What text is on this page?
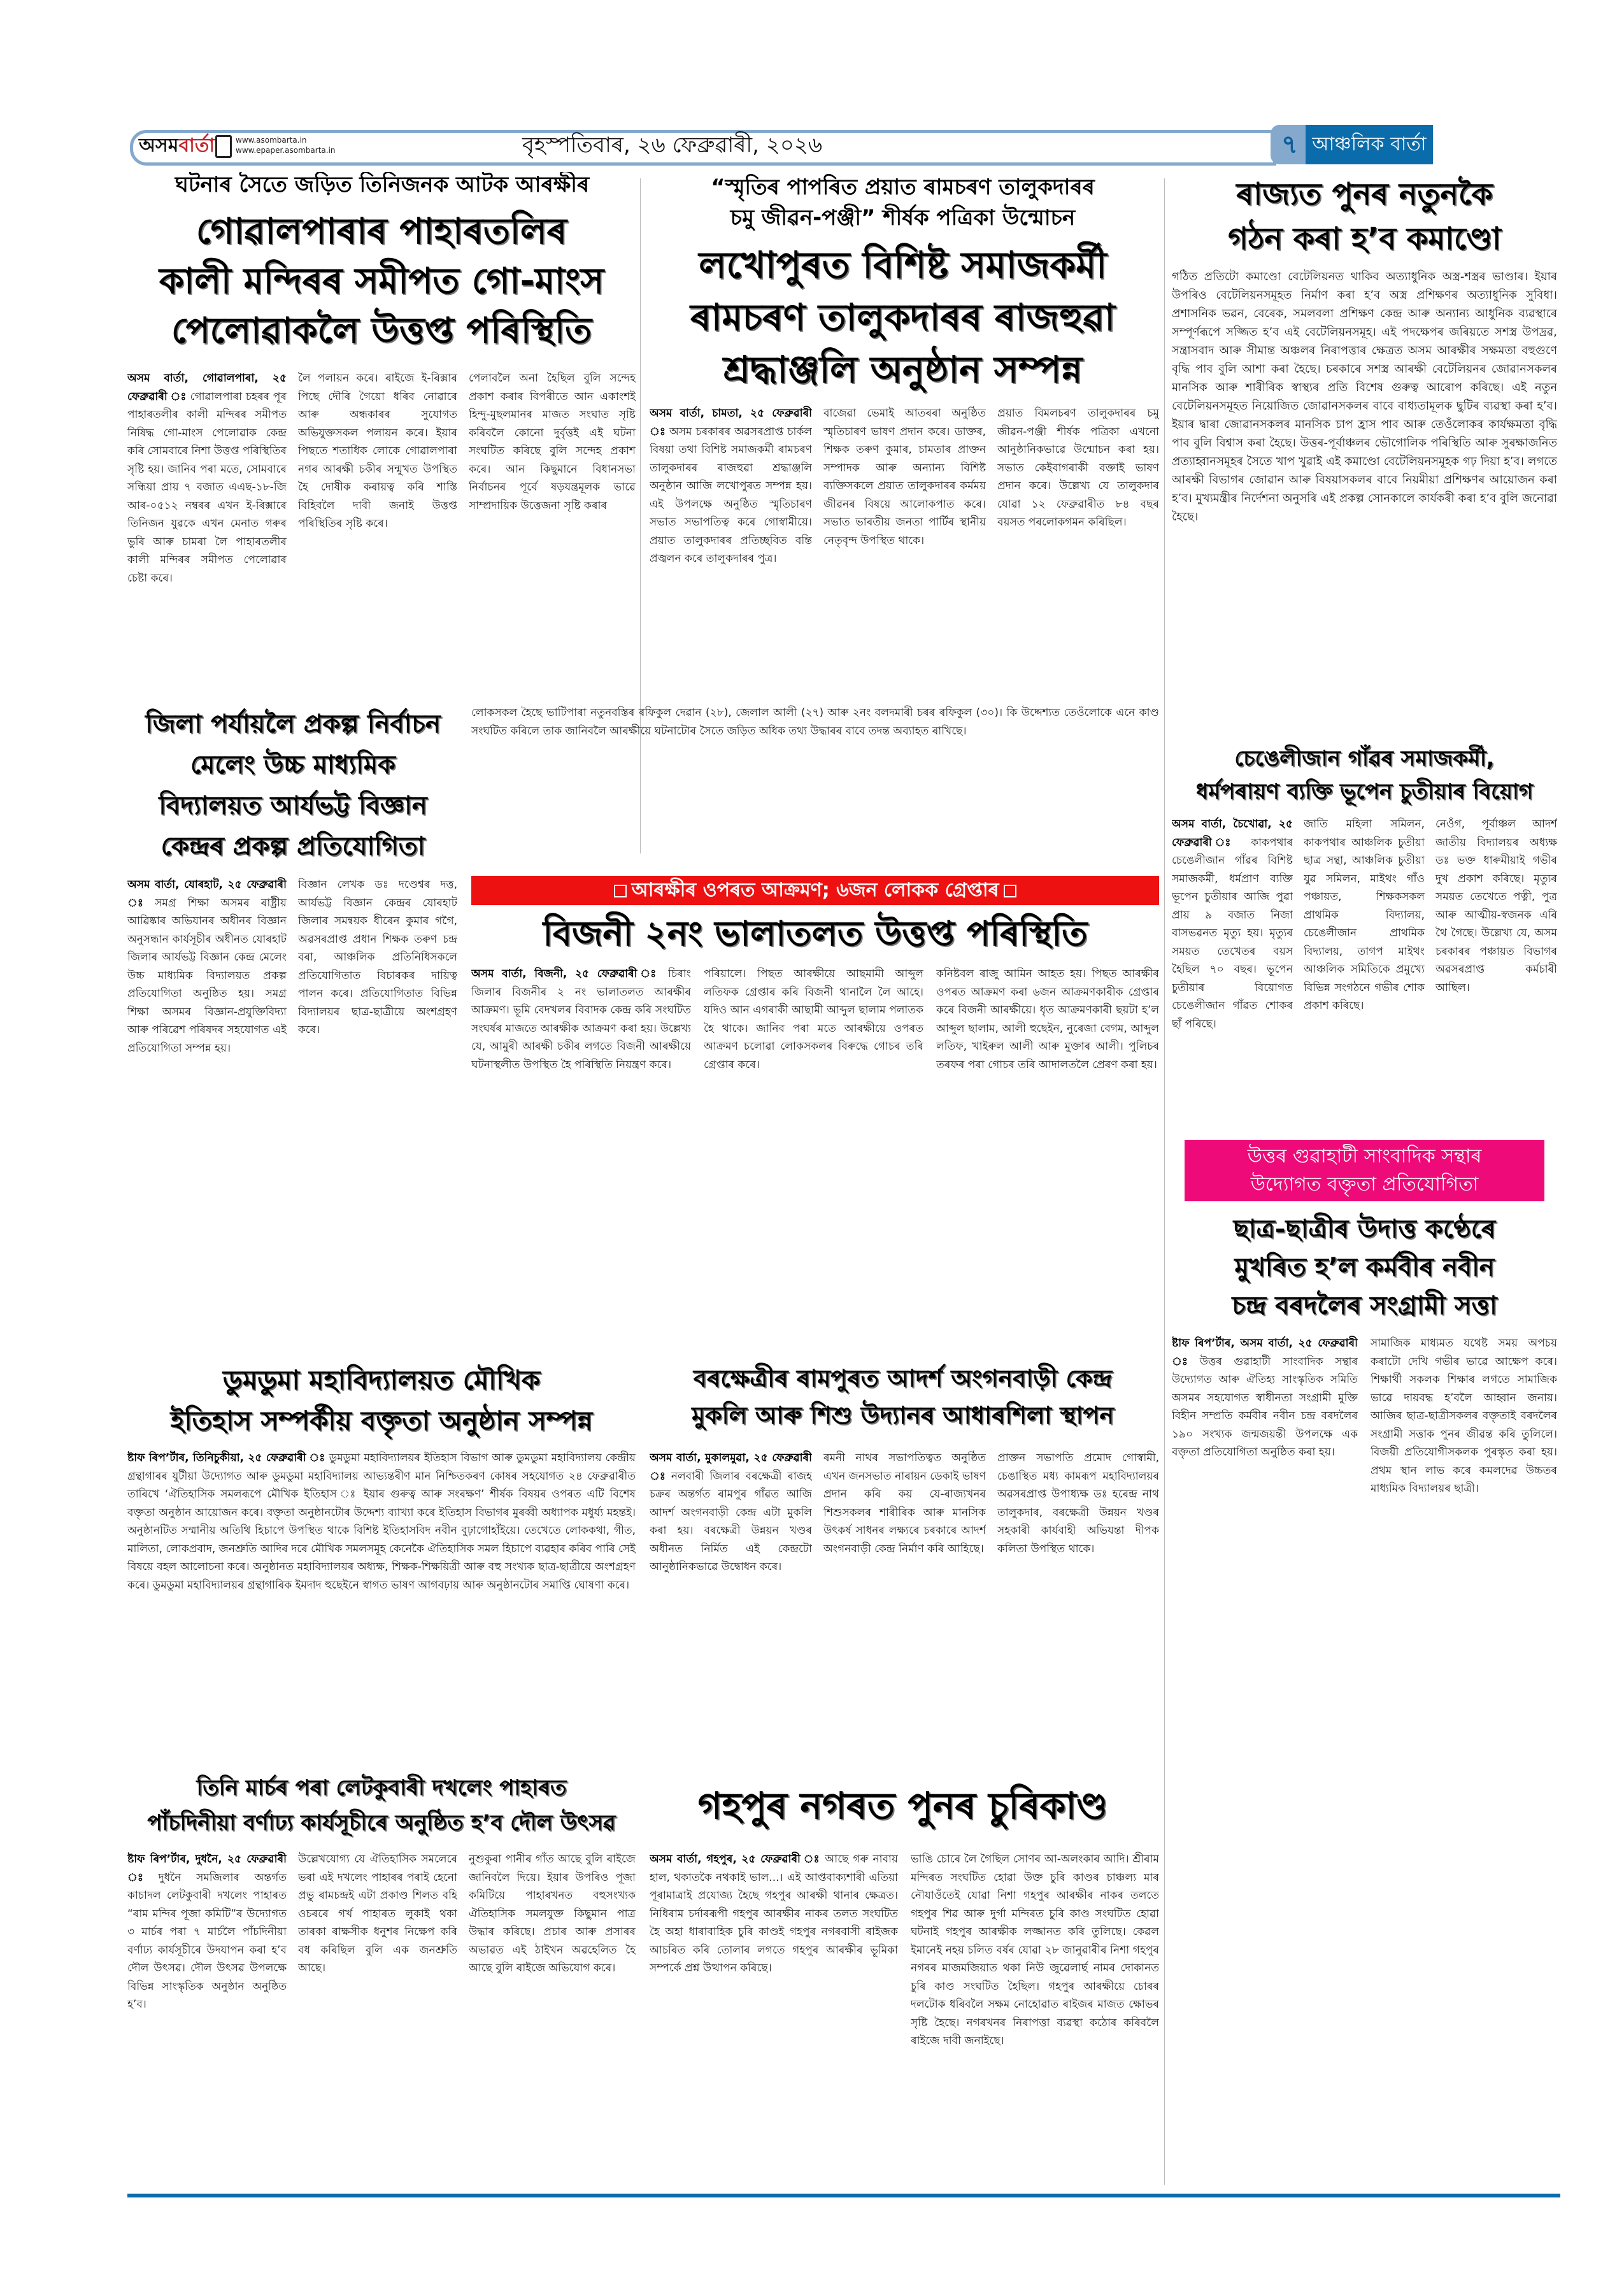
অসমবাৰ্তা	www.asombarta.in
www.epaper.asombarta.in	বৃহস্পতিবাৰ, ২৬ ফেব্ৰুৱাৰী, ২০২৬	৭ আঞ্চলিক বাৰ্তা
ঘটনাৰ সৈতে জড়িত তিনিজনক আটক আৰক্ষীৰ
গোৱালপাৰাৰ পাহাৰতলিৰ
কালী মন্দিৰৰ সমীপত গো-মাংস
পেলোৱাকলৈ উত্তপ্ত পৰিস্থিতি
অসম বাৰ্তা, গোৱালপাৰা, ২৫ ফেব্ৰুৱাৰী ঃ গোৱালপাৰা চহৰৰ পূৰ পাহাৰতলীৰ কালী মন্দিৰৰ সমীপত নিষিদ্ধ গো-মাংস পেলোৱাক কেন্দ্ৰ কৰি সোমবাৰে নিশা উত্তপ্ত পৰিস্থিতিৰ সৃষ্টি হয়। জানিব পৰা মতে, সোমবাৰে সন্ধিয়া প্ৰায় ৭ বজাত এএছ-১৮-জি আৰ-০৫১২ নম্বৰৰ এখন ই-ৰিক্সাৰে তিনিজন যুৱকে এখন মেনাত গৰুৰ ভুৰি আৰু চামৰা লৈ পাহাৰতলীৰ কালী মন্দিৰৰ সমীপত পেলোৱাৰ চেষ্টা কৰে।
লৈ পলায়ন কৰে। ৰাইজে ই-ৰিক্সাৰ পিছে দৌৰি গৈয়ো ধৰিব নোৱাৰে আৰু অন্ধকাৰৰ সুযোগত অভিযুক্তসকল পলায়ন কৰে। ইয়াৰ পিছতে শতাধিক লোকে গোৱালপাৰা নগৰ আৰক্ষী চকীৰ সন্মুখত উপস্থিত হৈ দোষীক কৰায়ত্ব কৰি শাস্তি বিহিবলৈ দাবী জনাই উত্তপ্ত পৰিস্থিতিৰ সৃষ্টি কৰে।
পেলাবলৈ অনা হৈছিল বুলি সন্দেহ প্ৰকাশ কৰাৰ বিপৰীতে আন একাংশই হিন্দু-মুছলমানৰ মাজত সংঘাত সৃষ্টি কৰিবলৈ কোনো দুৰ্বৃত্তই এই ঘটনা সংঘটিত কৰিছে বুলি সন্দেহ প্ৰকাশ কৰে। আন কিছুমানে বিধানসভা নিৰ্বাচনৰ পূৰ্বে ষড়যন্ত্ৰমূলক ভাৱে সাম্প্ৰদায়িক উত্তেজনা সৃষ্টি কৰাৰ
জিলা পৰ্যায়লৈ প্ৰকল্প নিৰ্বাচন
মেলেং উচ্চ মাধ্যমিক
বিদ্যালয়ত আৰ্যভট্ট বিজ্ঞান
কেন্দ্ৰৰ প্ৰকল্প প্ৰতিযোগিতা
অসম বাৰ্তা, যোৰহাট, ২৫ ফেব্ৰুৱাৰী ঃ সমগ্ৰ শিক্ষা অসমৰ ৰাষ্ট্ৰীয় আৱিষ্কাৰ অভিযানৰ অধীনৰ বিজ্ঞান অনুসন্ধান কাৰ্যসূচীৰ অধীনত যোৰহাট জিলাৰ আৰ্যভট্ট বিজ্ঞান কেন্দ্ৰ মেলেং উচ্চ মাধ্যমিক বিদ্যালয়ত প্ৰকল্প প্ৰতিযোগিতা অনুষ্ঠিত হয়। সমগ্ৰ শিক্ষা অসমৰ বিজ্ঞান-প্ৰযুক্তিবিদ্যা আৰু পৰিৱেশ পৰিষদৰ সহযোগত এই প্ৰতিযোগিতা সম্পন্ন হয়।
বিজ্ঞান লেখক ডঃ দণ্ডেশ্বৰ দত্ত, আৰ্যভট্ট বিজ্ঞান কেন্দ্ৰৰ যোৰহাট জিলাৰ সমন্বয়ক ধীৰেন কুমাৰ গগৈ, অৱসৰপ্ৰাপ্ত প্ৰধান শিক্ষক তৰুণ চন্দ্ৰ বৰা, আঞ্চলিক প্ৰতিনিধিসকলে প্ৰতিযোগিতাত বিচাৰকৰ দায়িত্ব পালন কৰে। প্ৰতিযোগিতাত বিভিন্ন বিদ্যালয়ৰ ছাত্ৰ-ছাত্ৰীয়ে অংশগ্ৰহণ কৰে।
“স্মৃতিৰ পাপৰিত প্ৰয়াত ৰামচৰণ তালুকদাৰৰ
চমু জীৱন-পঞ্জী” শীৰ্ষক পত্ৰিকা উন্মোচন
লখোপুৰত বিশিষ্ট সমাজকৰ্মী
ৰামচৰণ তালুকদাৰৰ ৰাজহুৱা
শ্ৰদ্ধাঞ্জলি অনুষ্ঠান সম্পন্ন
অসম বাৰ্তা, চামতা, ২৫ ফেব্ৰুৱাৰী ঃ অসম চৰকাৰৰ অৱসৰপ্ৰাপ্ত চাৰ্কল বিষয়া তথা বিশিষ্ট সমাজকৰ্মী ৰামচৰণ তালুকদাৰৰ ৰাজহুৱা শ্ৰদ্ধাঞ্জলি অনুষ্ঠান আজি লখোপুৰত সম্পন্ন হয়। এই উপলক্ষে অনুষ্ঠিত স্মৃতিচাৰণ সভাত সভাপতিত্ব কৰে গোস্বামীয়ে। প্ৰয়াত তালুকদাৰৰ প্ৰতিচ্ছবিত বন্তি প্ৰজ্বলন কৰে তালুকদাৰৰ পুত্ৰ।
বাজেৱা ভেমাই আতৰৰা অনুষ্ঠিত স্মৃতিচাৰণ ভাষণ প্ৰদান কৰে। ডাক্তৰ, শিক্ষক তৰুণ কুমাৰ, চামতাৰ প্ৰাক্তন সম্পাদক আৰু অন্যান্য বিশিষ্ট ব্যক্তিসকলে প্ৰয়াত তালুকদাৰৰ কৰ্মময় জীৱনৰ বিষয়ে আলোকপাত কৰে। সভাত ভাৰতীয় জনতা পাৰ্টিৰ স্থানীয় নেতৃবৃন্দ উপস্থিত থাকে।
প্ৰয়াত বিমলচৰণ তালুকদাৰৰ চমু জীৱন-পঞ্জী শীৰ্ষক পত্ৰিকা এখনো আনুষ্ঠানিকভাৱে উন্মোচন কৰা হয়। সভাত কেইবাগৰাকী বক্তাই ভাষণ প্ৰদান কৰে। উল্লেখ্য যে তালুকদাৰ যোৱা ১২ ফেব্ৰুৱাৰীত ৮৪ বছৰ বয়সত পৰলোকগমন কৰিছিল।
লোকসকল হৈছে ভাটিপাৰা নতুনবস্তিৰ ৰফিকুল দেৱান (২৮), জেলাল আলী (২৭) আৰু ২নং বলদমাৰী চৰৰ ৰফিকুল (৩০)। কি উদ্দেশ্যত তেওঁলোকে এনে কাণ্ড সংঘটিত কৰিলে তাক জানিবলৈ আৰক্ষীয়ে ঘটনাটোৰ সৈতে জড়িত অধিক তথ্য উদ্ধাৰৰ বাবে তদন্ত অব্যাহত ৰাখিছে।
আৰক্ষীৰ ওপৰত আক্ৰমণ; ৬জন লোকক গ্ৰেপ্তাৰ
বিজনী ২নং ভালাতলত উত্তপ্ত পৰিস্থিতি
অসম বাৰ্তা, বিজনী, ২৫ ফেব্ৰুৱাৰী ঃ চিৰাং জিলাৰ বিজনীৰ ২ নং ভালাতলত আৰক্ষীৰ আক্ৰমণ। ভূমি বেদখলৰ বিবাদক কেন্দ্ৰ কৰি সংঘটিত সংঘৰ্ষৰ মাজতে আৰক্ষীক আক্ৰমণ কৰা হয়। উল্লেখ্য যে, আমুৰী আৰক্ষী চকীৰ লগতে বিজনী আৰক্ষীয়ে ঘটনাস্থলীত উপস্থিত হৈ পৰিস্থিতি নিয়ন্ত্ৰণ কৰে।
পৰিয়ালে। পিছত আৰক্ষীয়ে আছমামী আব্দুল লতিফক গ্ৰেপ্তাৰ কৰি বিজনী থানালৈ লৈ আহে। যদিও আন এগৰাকী আছামী আব্দুল ছালাম পলাতক হৈ থাকে। জানিব পৰা মতে আৰক্ষীয়ে ওপৰত আক্ৰমণ চলোৱা লোকসকলৰ বিৰুদ্ধে গোচৰ তৰি গ্ৰেপ্তাৰ কৰে।
কনিষ্টবল ৰাজু আমিন আহত হয়। পিছত আৰক্ষীৰ ওপৰত আক্ৰমণ কৰা ৬জন আক্ৰমণকাৰীক গ্ৰেপ্তাৰ কৰে বিজনী আৰক্ষীয়ে। ধৃত আক্ৰমণকাৰী ছয়টা হ’ল আব্দুল ছালাম, আলী হুছেইন, নুৰেজা বেগম, আব্দুল লতিফ, খাইৰুল আলী আৰু মুক্তাৰ আলী। পুলিচৰ তৰফৰ পৰা গোচৰ তৰি আদালতলৈ প্ৰেৰণ কৰা হয়।
ডুমডুমা মহাবিদ্যালয়ত মৌখিক
ইতিহাস সম্পৰ্কীয় বক্তৃতা অনুষ্ঠান সম্পন্ন
ষ্টাফ ৰিপ’ৰ্টাৰ, তিনিচুকীয়া, ২৫ ফেব্ৰুৱাৰী ঃ ডুমডুমা মহাবিদ্যালয়ৰ ইতিহাস বিভাগ আৰু ডুমডুমা মহাবিদ্যালয় কেন্দ্ৰীয় গ্ৰন্থাগাৰৰ যুটীয়া উদ্যোগত আৰু ডুমডুমা মহাবিদ্যালয় আভ্যন্তৰীণ মান নিশ্চিতকৰণ কোষৰ সহযোগত ২৪ ফেব্ৰুৱাৰীত তাৰিখে ‘ঐতিহাসিক সমলৰূপে মৌখিক ইতিহাস ঃ ইয়াৰ গুৰুত্ব আৰু সংৰক্ষণ’ শীৰ্ষক বিষয়ৰ ওপৰত এটি বিশেষ বক্তৃতা অনুষ্ঠান আয়োজন কৰে। বক্তৃতা অনুষ্ঠানটোৰ উদ্দেশ্য ব্যাখ্যা কৰে ইতিহাস বিভাগৰ মুৰব্বী অধ্যাপক মধুৰ্য্য মহন্তই। অনুষ্ঠানটিত সম্মানীয় অতিথি হিচাপে উপস্থিত থাকে বিশিষ্ট ইতিহাসবিদ নবীন বুঢ়াগোহাঁইয়ে। তেখেতে লোককথা, গীত, মালিতা, লোকপ্ৰবাদ, জনশ্ৰুতি আদিৰ দৰে মৌখিক সমলসমূহ কেনেকৈ ঐতিহাসিক সমল হিচাপে ব্যৱহাৰ কৰিব পাৰি সেই বিষয়ে বহল আলোচনা কৰে। অনুষ্ঠানত মহাবিদ্যালয়ৰ অধ্যক্ষ, শিক্ষক-শিক্ষয়িত্ৰী আৰু বহু সংখ্যক ছাত্ৰ-ছাত্ৰীয়ে অংশগ্ৰহণ কৰে। ডুমডুমা মহাবিদ্যালয়ৰ গ্ৰন্থাগাৰিক ইমদাদ হুছেইনে স্বাগত ভাষণ আগবঢ়ায় আৰু অনুষ্ঠানটোৰ সমাপ্তি ঘোষণা কৰে।
বৰক্ষেত্ৰীৰ ৰামপুৰত আদৰ্শ অংগনবাড়ী কেন্দ্ৰ
মুকলি আৰু শিশু উদ্যানৰ আধাৰশিলা স্থাপন
অসম বাৰ্তা, মুকালমুৱা, ২৫ ফেব্ৰুৱাৰী ঃ নলবাৰী জিলাৰ বৰক্ষেত্ৰী ৰাজহ চক্ৰৰ অন্তৰ্গত ৰামপুৰ গাঁৱত আজি আদৰ্শ অংগনবাড়ী কেন্দ্ৰ এটা মুকলি কৰা হয়। বৰক্ষেত্ৰী উন্নয়ন খণ্ডৰ অধীনত নিৰ্মিত এই কেন্দ্ৰটো আনুষ্ঠানিকভাৱে উদ্বোধন কৰে।
ৰমনী নাথৰ সভাপতিত্বত অনুষ্ঠিত এখন জনসভাত নাৰায়ন ডেকাই ভাষণ প্ৰদান কৰি কয় যে-ৰাজ্যখনৰ শিশুসকলৰ শাৰীৰিক আৰু মানসিক উৎকৰ্ষ সাধনৰ লক্ষ্যৰে চৰকাৰে আদৰ্শ অংগনবাড়ী কেন্দ্ৰ নিৰ্মাণ কৰি আহিছে।
প্ৰাক্তন সভাপতি প্ৰমোদ গোস্বামী, চেঙাস্থিত মধ্য কামৰূপ মহাবিদ্যালয়ৰ অৱসৰপ্ৰাপ্ত উপাধ্যক্ষ ডঃ হৰেন্দ্ৰ নাথ তালুকদাৰ, বৰক্ষেত্ৰী উন্নয়ন খণ্ডৰ সহকাৰী কাৰ্যবাহী অভিযন্তা দীপক কলিতা উপস্থিত থাকে।
তিনি মাৰ্চৰ পৰা লেটকুবাৰী দখলেং পাহাৰত
পাঁচদিনীয়া বৰ্ণাঢ্য কাৰ্যসূচীৰে অনুষ্ঠিত হ’ব দৌল উৎসৱ
ষ্টাফ ৰিপ’ৰ্টাৰ, দুধনৈ, ২৫ ফেব্ৰুৱাৰী ঃ দুধনৈ সমজিলাৰ অন্তৰ্গত কাচাদল লেটকুবাৰী দখলেং পাহাৰত “ৰাম মন্দিৰ পূজা কমিটি”ৰ উদ্যোগত ৩ মাৰ্চৰ পৰা ৭ মাৰ্চলৈ পাঁচদিনীয়া বৰ্ণাঢ্য কাৰ্যসূচীৰে উদযাপন কৰা হ’ব দৌল উৎসৱ। দৌল উৎসৱ উপলক্ষে বিভিন্ন সাংস্কৃতিক অনুষ্ঠান অনুষ্ঠিত হ’ব।
উল্লেখযোগ্য যে ঐতিহাসিক সমলেৰে ভৰা এই দখলেং পাহাৰৰ পৰাই হেনো প্ৰভু ৰামচন্দ্ৰই এটা প্ৰকাণ্ড শিলত বহি ওচৰৰে গৰ্খ পাহাৰত লুকাই থকা তাৰকা ৰাক্ষসীক ধনুশৰ নিক্ষেপ কৰি বধ কৰিছিল বুলি এক জনশ্ৰুতি আছে।
নুশুকুৰা পানীৰ গাঁত আছে বুলি ৰাইজে জানিবলৈ দিয়ে। ইয়াৰ উপৰিও পূজা কমিটিয়ে পাহাৰখনত বহুসংখ্যক ঐতিহাসিক সমলযুক্ত কিছুমান পাত্ৰ উদ্ধাৰ কৰিছে। প্ৰচাৰ আৰু প্ৰসাৰৰ অভাৱত এই ঠাইখন অৱহেলিত হৈ আছে বুলি ৰাইজে অভিযোগ কৰে।
গহপুৰ নগৰত পুনৰ চুৰিকাণ্ড
অসম বাৰ্তা, গহপুৰ, ২৫ ফেব্ৰুৱাৰী ঃ আছে গৰু নাবায় হাল, থকাতকৈ নথকাই ভাল...। এই আপ্তবাক্যশাৰী এতিয়া পূৰামাত্ৰাই প্ৰযোজ্য হৈছে গহপুৰ আৰক্ষী থানাৰ ক্ষেত্ৰত। নিধিৰাম চৰ্দাৰৰূপী গহপুৰ আৰক্ষীৰ নাকৰ তলত সংঘটিত হৈ অহা ধাৰাবাহিক চুৰি কাণ্ডই গহপুৰ নগৰবাসী ৰাইজক আচৰিত কৰি তোলাৰ লগতে গহপুৰ আৰক্ষীৰ ভূমিকা সম্পৰ্কে প্ৰশ্ন উত্থাপন কৰিছে।
ভাঙি চোৰে লৈ গৈছিল সোণৰ আ-অলংকাৰ আদি। শ্ৰীৰাম মন্দিৰত সংঘটিত হোৱা উক্ত চুৰি কাণ্ডৰ চাঞ্চল্য মাৰ নৌযাওঁতেই যোৱা নিশা গহপুৰ আৰক্ষীৰ নাকৰ তলতে গহপুৰ শিৱ আৰু দুৰ্গা মন্দিৰত চুৰি কাণ্ড সংঘটিত হোৱা ঘটনাই গহপুৰ আৰক্ষীক লজ্জানত কৰি তুলিছে। কেৱল ইমানেই নহয় চলিত বৰ্ষৰ যোৱা ২৮ জানুৱাৰীৰ নিশা গহপুৰ নগৰৰ মাজমজিয়াত থকা নিউ জুৱেলাৰ্ছ নামৰ দোকানত চুৰি কাণ্ড সংঘটিত হৈছিল। গহপুৰ আৰক্ষীয়ে চোৰৰ দলটোক ধৰিবলৈ সক্ষম নোহোৱাত ৰাইজৰ মাজত ক্ষোভৰ সৃষ্টি হৈছে। নগৰখনৰ নিৰাপত্তা ব্যৱস্থা কঠোৰ কৰিবলৈ ৰাইজে দাবী জনাইছে।
ৰাজ্যত পুনৰ নতুনকৈ
গঠন কৰা হ’ব কমাণ্ডো
গঠিত প্ৰতিটো কমাণ্ডো বেটেলিয়নত থাকিব অত্যাধুনিক অস্ত্ৰ-শস্ত্ৰৰ ভাণ্ডাৰ। ইয়াৰ উপৰিও বেটেলিয়নসমূহত নিৰ্মাণ কৰা হ’ব অস্ত্ৰ প্ৰশিক্ষণৰ অত্যাধুনিক সুবিধা। প্ৰশাসনিক ভৱন, বেৰেক, সমলবলা প্ৰশিক্ষণ কেন্দ্ৰ আৰু অন্যান্য আধুনিক ব্যৱস্থাৰে সম্পূৰ্ণৰূপে সজ্জিত হ’ব এই বেটেলিয়নসমূহ। এই পদক্ষেপৰ জৰিয়তে সশস্ত্ৰ উপদ্ৰৱ, সন্ত্ৰাসবাদ আৰু সীমান্ত অঞ্চলৰ নিৰাপত্তাৰ ক্ষেত্ৰত অসম আৰক্ষীৰ সক্ষমতা বহুগুণে বৃদ্ধি পাব বুলি আশা কৰা হৈছে। চৰকাৰে সশস্ত্ৰ আৰক্ষী বেটেলিয়নৰ জোৱানসকলৰ মানসিক আৰু শাৰীৰিক স্বাস্থ্যৰ প্ৰতি বিশেষ গুৰুত্ব আৰোপ কৰিছে। এই নতুন বেটেলিয়নসমূহত নিয়োজিত জোৱানসকলৰ বাবে বাধ্যতামূলক ছুটিৰ ব্যৱস্থা কৰা হ’ব। ইয়াৰ দ্বাৰা জোৱানসকলৰ মানসিক চাপ হ্ৰাস পাব আৰু তেওঁলোকৰ কাৰ্যক্ষমতা বৃদ্ধি পাব বুলি বিশ্বাস কৰা হৈছে। উত্তৰ-পূৰ্বাঞ্চলৰ ভৌগোলিক পৰিস্থিতি আৰু সুৰক্ষাজনিত প্ৰত্যাহ্বানসমূহৰ সৈতে খাপ খুৱাই এই কমাণ্ডো বেটেলিয়নসমূহক গঢ় দিয়া হ’ব। লগতে আৰক্ষী বিভাগৰ জোৱান আৰু বিষয়াসকলৰ বাবে নিয়মীয়া প্ৰশিক্ষণৰ আয়োজন কৰা হ’ব। মুখ্যমন্ত্ৰীৰ নিৰ্দেশনা অনুসৰি এই প্ৰকল্প সোনকালে কাৰ্যকৰী কৰা হ’ব বুলি জনোৱা হৈছে।
চেঙেলীজান গাঁৱৰ সমাজকৰ্মী,
ধৰ্মপৰায়ণ ব্যক্তি ভূপেন চুতীয়াৰ বিয়োগ
অসম বাৰ্তা, চৈখোৱা, ২৫ ফেব্ৰুৱাৰী ঃ কাকপথাৰ চেঙেলীজান গাঁৱৰ বিশিষ্ট সমাজকৰ্মী, ধৰ্মপ্ৰাণ ব্যক্তি ভূপেন চুতীয়াৰ আজি পুৱা প্ৰায় ৯ বজাত নিজা বাসভৱনত মৃত্যু হয়। মৃত্যুৰ সময়ত তেখেতৰ বয়স হৈছিল ৭০ বছৰ। ভূপেন চুতীয়াৰ বিয়োগত চেঙেলীজান গাঁৱত শোকৰ ছাঁ পৰিছে।
জাতি মহিলা সমিলন, কাকপথাৰ আঞ্চলিক চুতীয়া ছাত্ৰ সন্থা, আঞ্চলিক চুতীয়া যুৱ সমিলন, মাইথং গাঁও পঞ্চায়ত, শিক্ষকসকল প্ৰাথমিক বিদ্যালয়, চেঙেলীজান প্ৰাথমিক বিদ্যালয়, তাগপ মাইথং আঞ্চলিক সমিতিকে প্ৰমুখ্যে বিভিন্ন সংগঠনে গভীৰ শোক প্ৰকাশ কৰিছে।
নেওঁগ, পূৰ্বাঞ্চল আদৰ্শ জাতীয় বিদ্যালয়ৰ অধ্যক্ষ ডঃ ভক্ত ধাৰুমীয়াই গভীৰ দুখ প্ৰকাশ কৰিছে। মৃত্যুৰ সময়ত তেখেতে পত্নী, পুত্ৰ আৰু আত্মীয়-স্বজনক এৰি থৈ গৈছে। উল্লেখ্য যে, অসম চৰকাৰৰ পঞ্চায়ত বিভাগৰ অৱসৰপ্ৰাপ্ত কৰ্মচাৰী আছিল।
উত্তৰ গুৱাহাটী সাংবাদিক সন্থাৰ
উদ্যোগত বক্তৃতা প্ৰতিযোগিতা
ছাত্ৰ-ছাত্ৰীৰ উদাত্ত কণ্ঠেৰে
মুখৰিত হ’ল কৰ্মবীৰ নবীন
চন্দ্ৰ বৰদলৈৰ সংগ্ৰামী সত্তা
ষ্টাফ ৰিপ’ৰ্টাৰ, অসম বাৰ্তা, ২৫ ফেব্ৰুৱাৰী ঃ উত্তৰ গুৱাহাটী সাংবাদিক সন্থাৰ উদ্যোগত আৰু ঐতিহ্য সাংস্কৃতিক সমিতি অসমৰ সহযোগত স্বাধীনতা সংগ্ৰামী মুক্তি বিহীন সম্প্ৰতি কৰ্মবীৰ নবীন চন্দ্ৰ বৰদলৈৰ ১৯০ সংখ্যক জন্মজয়ন্তী উপলক্ষে এক বক্তৃতা প্ৰতিযোগিতা অনুষ্ঠিত কৰা হয়।
সামাজিক মাধ্যমত যথেষ্ট সময় অপচয় কৰাটো দেখি গভীৰ ভাৱে আক্ষেপ কৰে। শিক্ষাৰ্থী সকলক শিক্ষাৰ লগতে সামাজিক ভাৱে দায়বদ্ধ হ’বলৈ আহ্বান জনায়। আজিৰ ছাত্ৰ-ছাত্ৰীসকলৰ বক্তৃতাই বৰদলৈৰ সংগ্ৰামী সত্তাক পুনৰ জীৱন্ত কৰি তুলিলে। বিজয়ী প্ৰতিযোগীসকলক পুৰস্কৃত কৰা হয়। প্ৰথম স্থান লাভ কৰে কমলদেৱ উচ্চতৰ মাধ্যমিক বিদ্যালয়ৰ ছাত্ৰী।
